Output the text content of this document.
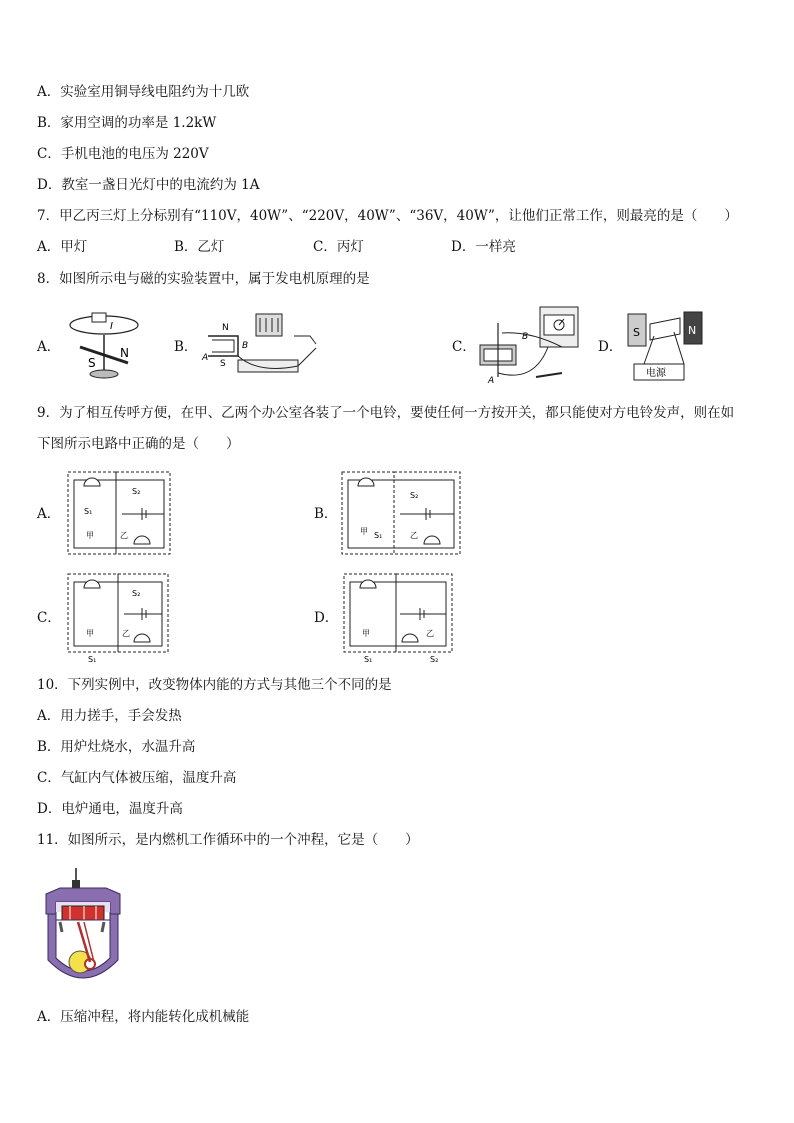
A．实验室用铜导线电阻约为十几欧
B．家用空调的功率是 1.2kW
C．手机电池的电压为 220V
D．教室一盏日光灯中的电流约为 1A
7．甲乙丙三灯上分标别有“110V，40W”、“220V，40W”、“36V，40W”，让他们正常工作，则最亮的是（　　）
A．甲灯	B．乙灯	C．丙灯	D．一样亮
8．如图所示电与磁的实验装置中，属于发电机原理的是
A．
I
S
N	B．
N
S
A
B	C．
A
B
D．
S	N
电源
9．为了相互传呼方便，在甲、乙两个办公室各装了一个电铃，要使任何一方按开关，都只能使对方电铃发声，则在如
下图所示电路中正确的是（　　）
A．
S₂
S₁
甲	乙
B．
S₂
甲 S₁	乙
C．
S₂
甲	乙
S₁
D．
甲	乙
S₁	S₂
10．下列实例中，改变物体内能的方式与其他三个不同的是
A．用力搓手，手会发热
B．用炉灶烧水，水温升高
C．气缸内气体被压缩，温度升高
D．电炉通电，温度升高
11．如图所示，是内燃机工作循环中的一个冲程，它是（　　）
A．压缩冲程，将内能转化成机械能
